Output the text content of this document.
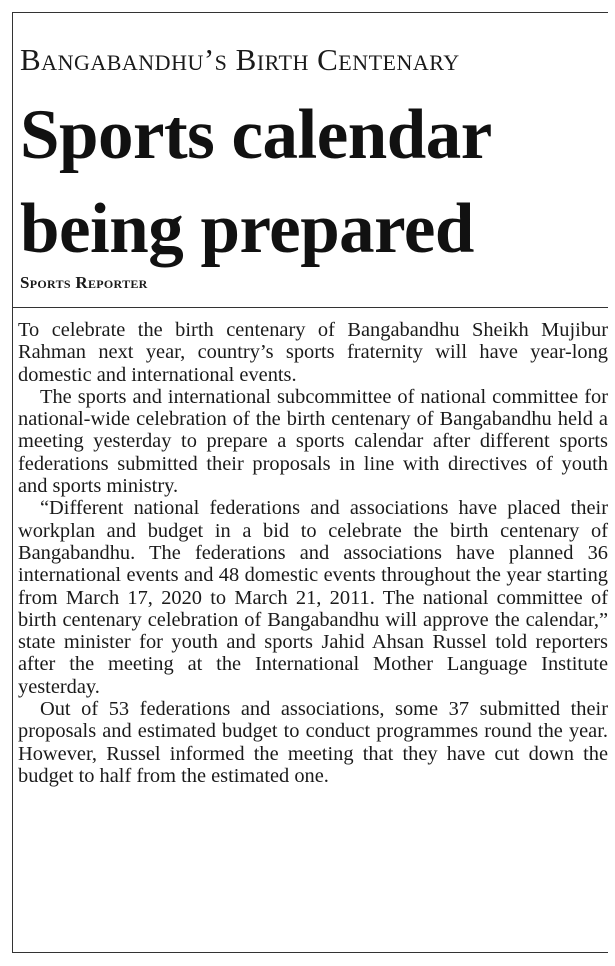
Bangabandhu’s Birth Centenary
Sports calendar being prepared
Sports Reporter

To celebrate the birth centenary of Bangabandhu Sheikh Mujibur Rahman next year, country’s sports fraternity will have year-long domestic and international events.

The sports and international subcommittee of national committee for national-wide celebration of the birth centenary of Bangabandhu held a meeting yesterday to prepare a sports calendar after different sports federations submitted their proposals in line with directives of youth and sports ministry.

“Different national federations and associations have placed their workplan and budget in a bid to celebrate the birth centenary of Bangabandhu. The federations and associations have planned 36 international events and 48 domestic events throughout the year starting from March 17, 2020 to March 21, 2011. The national committee of birth centenary celebration of Bangabandhu will approve the calendar,” state minister for youth and sports Jahid Ahsan Russel told reporters after the meeting at the International Mother Language Institute yesterday.

Out of 53 federations and associations, some 37 submitted their proposals and estimated budget to conduct programmes round the year. However, Russel informed the meeting that they have cut down the budget to half from the estimated one.
